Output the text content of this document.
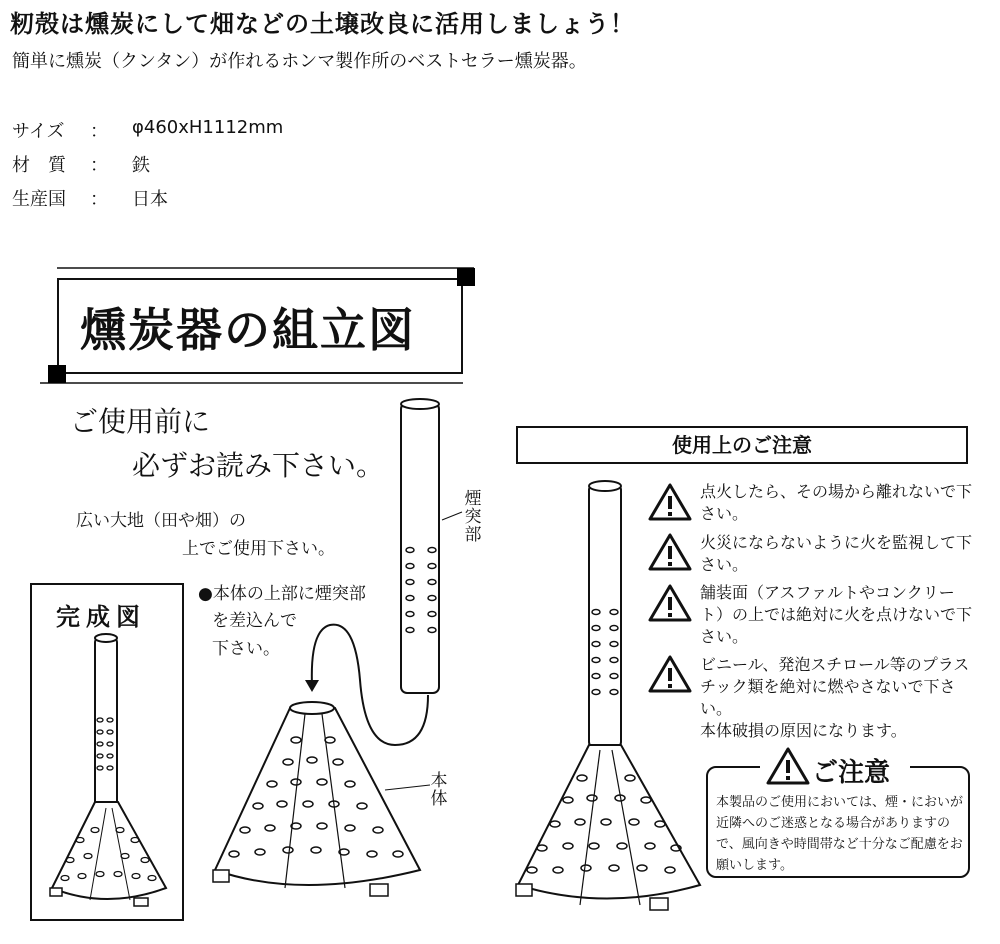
籾殻は燻炭にして畑などの土壌改良に活用しましょう！
簡単に燻炭（クンタン）が作れるホンマ製作所のベストセラー燻炭器。
サイズ ： φ460xH1112mm
材　質 ： 鉄
生産国 ： 日本
燻炭器の組立図
ご使用前に
必ずお読み下さい。
広い大地（田や畑）の
上でご使用下さい。
●本体の上部に煙突部
を差込んで
下さい。
煙
突
部
本
体
完成図
使用上のご注意
点火したら、その場から離れないで下さい。
火災にならないように火を監視して下さい。
舗装面（アスファルトやコンクリート）の上では絶対に火を点けないで下さい。
ビニール、発泡スチロール等のプラスチック類を絶対に燃やさないで下さい。
本体破損の原因になります。
ご注意
本製品のご使用においては、煙・においが近隣へのご迷惑となる場合がありますので、風向きや時間帯など十分なご配慮をお願いします。
